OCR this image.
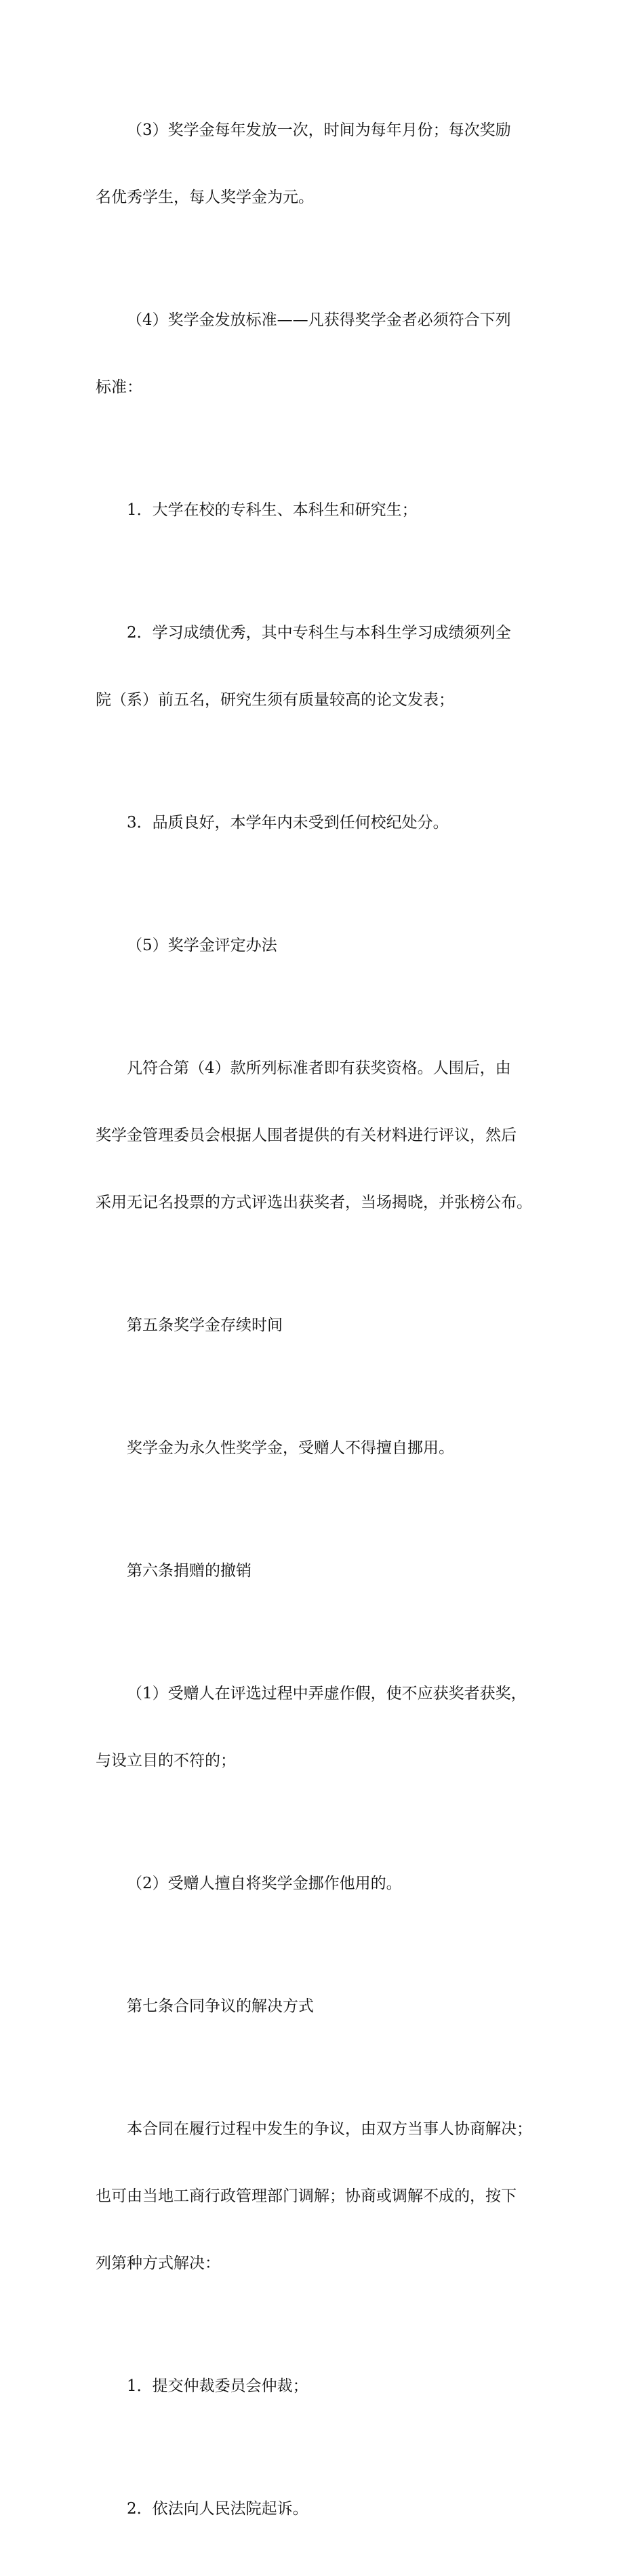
（3）奖学金每年发放一次，时间为每年月份；每次奖励

名优秀学生，每人奖学金为元。

（4）奖学金发放标准——凡获得奖学金者必须符合下列

标准：

1．大学在校的专科生、本科生和研究生；

2．学习成绩优秀，其中专科生与本科生学习成绩须列全

院（系）前五名，研究生须有质量较高的论文发表；

3．品质良好，本学年内未受到任何校纪处分。

（5）奖学金评定办法

凡符合第（4）款所列标准者即有获奖资格。人围后，由

奖学金管理委员会根据人围者提供的有关材料进行评议，然后

采用无记名投票的方式评选出获奖者，当场揭晓，并张榜公布。

第五条奖学金存续时间

奖学金为永久性奖学金，受赠人不得擅自挪用。

第六条捐赠的撤销

（1）受赠人在评选过程中弄虚作假，使不应获奖者获奖，

与设立目的不符的；

（2）受赠人擅自将奖学金挪作他用的。

第七条合同争议的解决方式

本合同在履行过程中发生的争议，由双方当事人协商解决；

也可由当地工商行政管理部门调解；协商或调解不成的，按下

列第种方式解决：

1．提交仲裁委员会仲裁；

2．依法向人民法院起诉。
